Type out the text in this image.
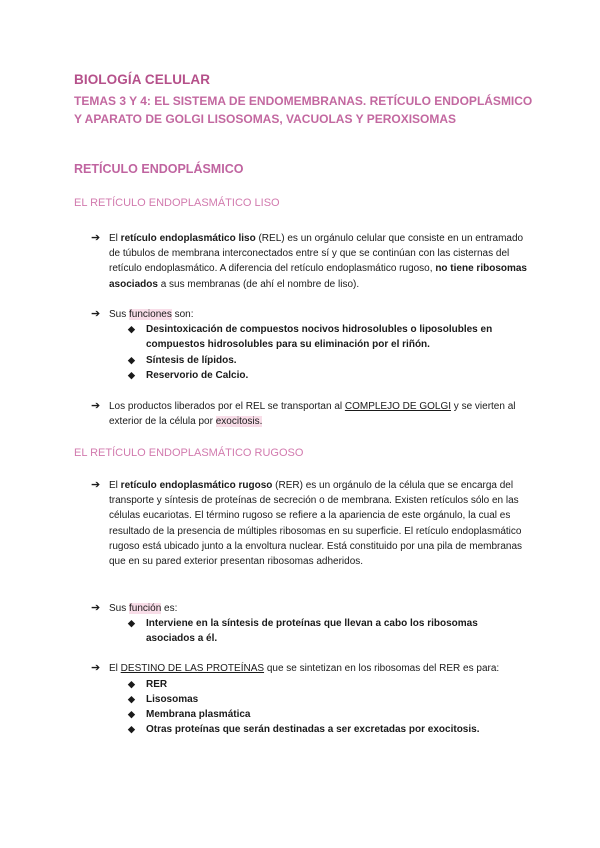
BIOLOGÍA CELULAR
TEMAS 3 Y 4: EL SISTEMA DE ENDOMEMBRANAS. RETÍCULO ENDOPLÁSMICO Y APARATO DE GOLGI LISOSOMAS, VACUOLAS Y PEROXISOMAS
RETÍCULO ENDOPLÁSMICO
EL RETÍCULO ENDOPLASMÁTICO LISO
➔ El retículo endoplasmático liso (REL) es un orgánulo celular que consiste en un entramado de túbulos de membrana interconectados entre sí y que se continúan con las cisternas del retículo endoplasmático. A diferencia del retículo endoplasmático rugoso, no tiene ribosomas asociados a sus membranas (de ahí el nombre de liso).
➔ Sus funciones son:
◆ Desintoxicación de compuestos nocivos hidrosolubles o liposolubles en compuestos hidrosolubles para su eliminación por el riñón.
◆ Síntesis de lípidos.
◆ Reservorio de Calcio.
➔ Los productos liberados por el REL se transportan al COMPLEJO DE GOLGI y se vierten al exterior de la célula por exocitosis.
EL RETÍCULO ENDOPLASMÁTICO RUGOSO
➔ El retículo endoplasmático rugoso (RER) es un orgánulo de la célula que se encarga del transporte y síntesis de proteínas de secreción o de membrana. Existen retículos sólo en las células eucariotas. El término rugoso se refiere a la apariencia de este orgánulo, la cual es resultado de la presencia de múltiples ribosomas en su superficie. El retículo endoplasmático rugoso está ubicado junto a la envoltura nuclear. Está constituido por una pila de membranas que en su pared exterior presentan ribosomas adheridos.
➔ Sus función es:
◆ Interviene en la síntesis de proteínas que llevan a cabo los ribosomas asociados a él.
➔ El DESTINO DE LAS PROTEÍNAS que se sintetizan en los ribosomas del RER es para:
◆ RER
◆ Lisosomas
◆ Membrana plasmática
◆ Otras proteínas que serán destinadas a ser excretadas por exocitosis.
